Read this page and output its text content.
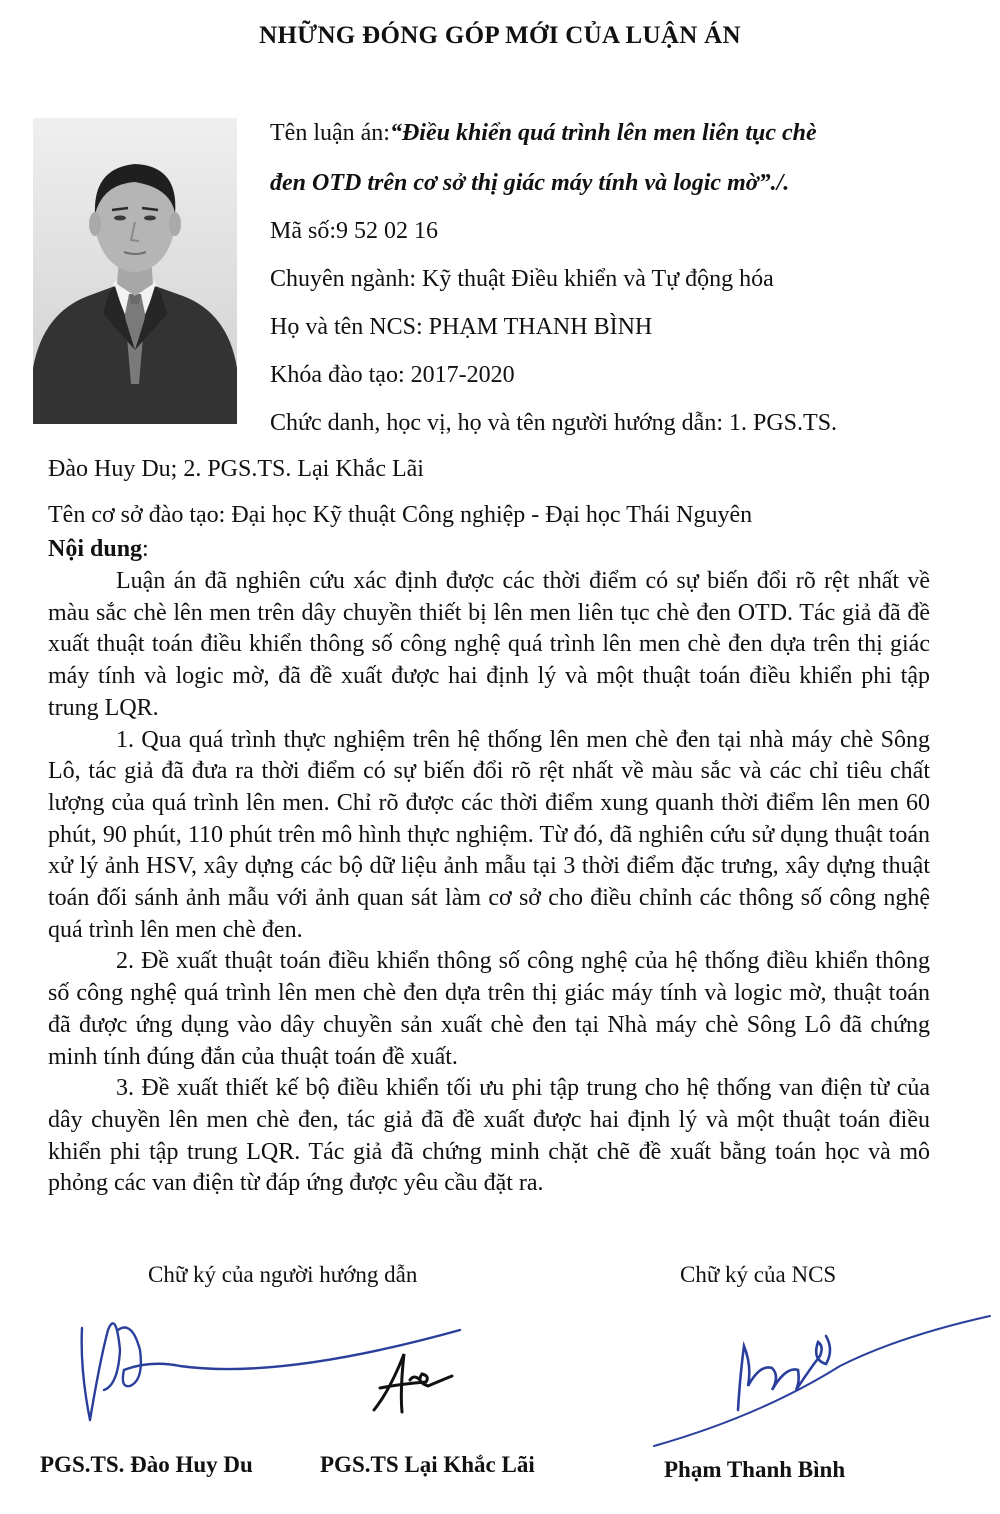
NHỮNG ĐÓNG GÓP MỚI CỦA LUẬN ÁN
Tên luận án:“Điều khiển quá trình lên men liên tục chè
đen OTD trên cơ sở thị giác máy tính và logic mờ”./.
Mã số:9 52 02 16
Chuyên ngành: Kỹ thuật Điều khiển và Tự động hóa
Họ và tên NCS: PHẠM THANH BÌNH
Khóa đào tạo: 2017-2020
Chức danh, học vị, họ và tên người hướng dẫn: 1. PGS.TS.
Đào Huy Du; 2. PGS.TS. Lại Khắc Lãi
Tên cơ sở đào tạo: Đại học Kỹ thuật Công nghiệp - Đại học Thái Nguyên
Nội dung:

Luận án đã nghiên cứu xác định được các thời điểm có sự biến đổi rõ rệt nhất về màu sắc chè lên men trên dây chuyền thiết bị lên men liên tục chè đen OTD. Tác giả đã đề xuất thuật toán điều khiển thông số công nghệ quá trình lên men chè đen dựa trên thị giác máy tính và logic mờ, đã đề xuất được hai định lý và một thuật toán điều khiển phi tập trung LQR.

1. Qua quá trình thực nghiệm trên hệ thống lên men chè đen tại nhà máy chè Sông Lô, tác giả đã đưa ra thời điểm có sự biến đổi rõ rệt nhất về màu sắc và các chỉ tiêu chất lượng của quá trình lên men. Chỉ rõ được các thời điểm xung quanh thời điểm lên men 60 phút, 90 phút, 110 phút trên mô hình thực nghiệm. Từ đó, đã nghiên cứu sử dụng thuật toán xử lý ảnh HSV, xây dựng các bộ dữ liệu ảnh mẫu tại 3 thời điểm đặc trưng, xây dựng thuật toán đối sánh ảnh mẫu với ảnh quan sát làm cơ sở cho điều chỉnh các thông số công nghệ quá trình lên men chè đen.

2. Đề xuất thuật toán điều khiển thông số công nghệ của hệ thống điều khiển thông số công nghệ quá trình lên men chè đen dựa trên thị giác máy tính và logic mờ, thuật toán đã được ứng dụng vào dây chuyền sản xuất chè đen tại Nhà máy chè Sông Lô đã chứng minh tính đúng đắn của thuật toán đề xuất.

3. Đề xuất thiết kế bộ điều khiển tối ưu phi tập trung cho hệ thống van điện từ của dây chuyền lên men chè đen, tác giả đã đề xuất được hai định lý và một thuật toán điều khiển phi tập trung LQR. Tác giả đã chứng minh chặt chẽ đề xuất bằng toán học và mô phỏng các van điện từ đáp ứng được yêu cầu đặt ra.

Chữ ký của người hướng dẫn	Chữ ký của NCS
PGS.TS. Đào Huy Du	PGS.TS Lại Khắc Lãi	Phạm Thanh Bình
